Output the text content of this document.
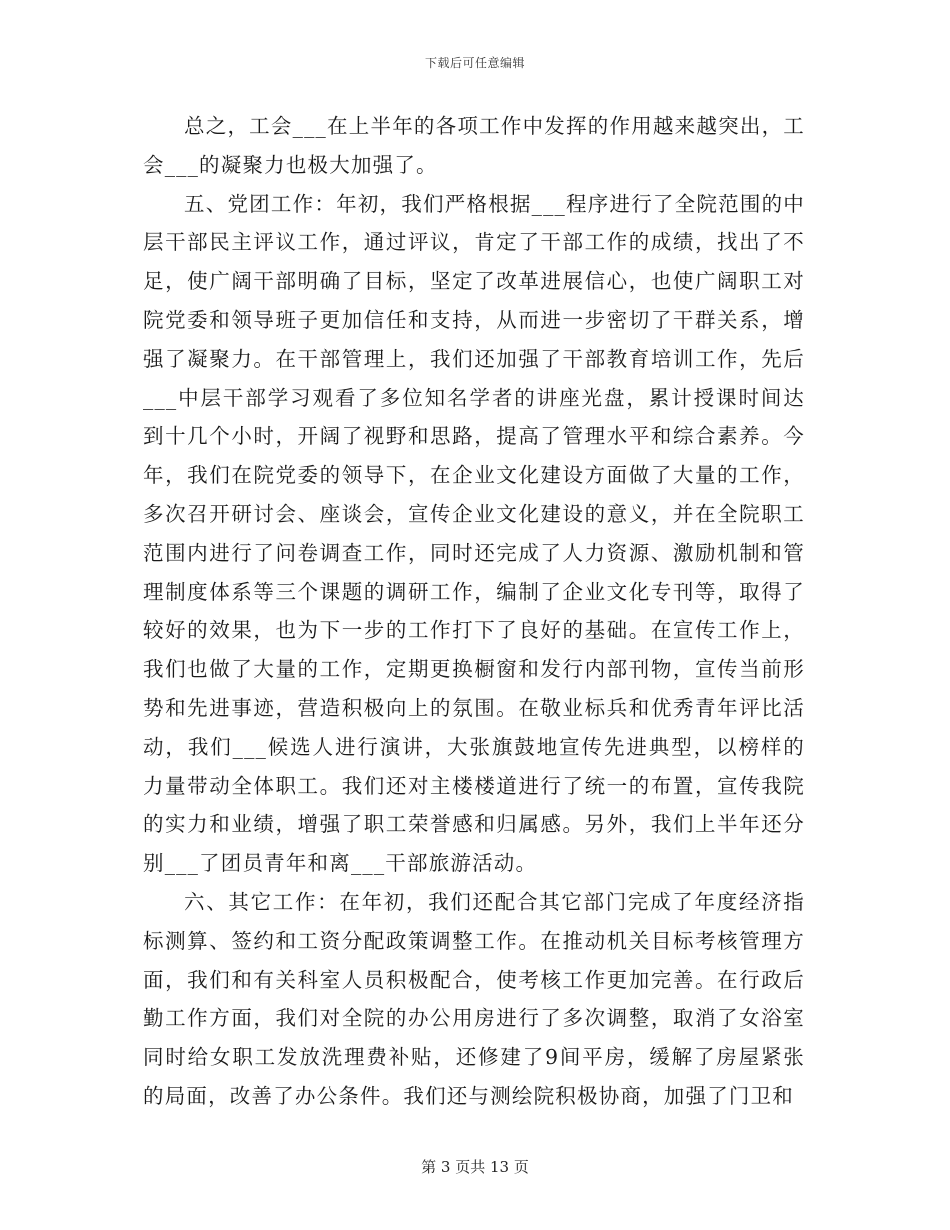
下载后可任意编辑

总之，工会___在上半年的各项工作中发挥的作用越来越突出，工会___的凝聚力也极大加强了。

五、党团工作：年初，我们严格根据___程序进行了全院范围的中层干部民主评议工作，通过评议，肯定了干部工作的成绩，找出了不足，使广阔干部明确了目标，坚定了改革进展信心，也使广阔职工对院党委和领导班子更加信任和支持，从而进一步密切了干群关系，增强了凝聚力。在干部管理上，我们还加强了干部教育培训工作，先后___中层干部学习观看了多位知名学者的讲座光盘，累计授课时间达到十几个小时，开阔了视野和思路，提高了管理水平和综合素养。今年，我们在院党委的领导下，在企业文化建设方面做了大量的工作，多次召开研讨会、座谈会，宣传企业文化建设的意义，并在全院职工范围内进行了问卷调查工作，同时还完成了人力资源、激励机制和管理制度体系等三个课题的调研工作，编制了企业文化专刊等，取得了较好的效果，也为下一步的工作打下了良好的基础。在宣传工作上，我们也做了大量的工作，定期更换橱窗和发行内部刊物，宣传当前形势和先进事迹，营造积极向上的氛围。在敬业标兵和优秀青年评比活动，我们___候选人进行演讲，大张旗鼓地宣传先进典型，以榜样的力量带动全体职工。我们还对主楼楼道进行了统一的布置，宣传我院的实力和业绩，增强了职工荣誉感和归属感。另外，我们上半年还分别___了团员青年和离___干部旅游活动。

六、其它工作：在年初，我们还配合其它部门完成了年度经济指标测算、签约和工资分配政策调整工作。在推动机关目标考核管理方面，我们和有关科室人员积极配合，使考核工作更加完善。在行政后勤工作方面，我们对全院的办公用房进行了多次调整，取消了女浴室同时给女职工发放洗理费补贴，还修建了9间平房，缓解了房屋紧张的局面，改善了办公条件。我们还与测绘院积极协商，加强了门卫和

第 3 页共 13 页
